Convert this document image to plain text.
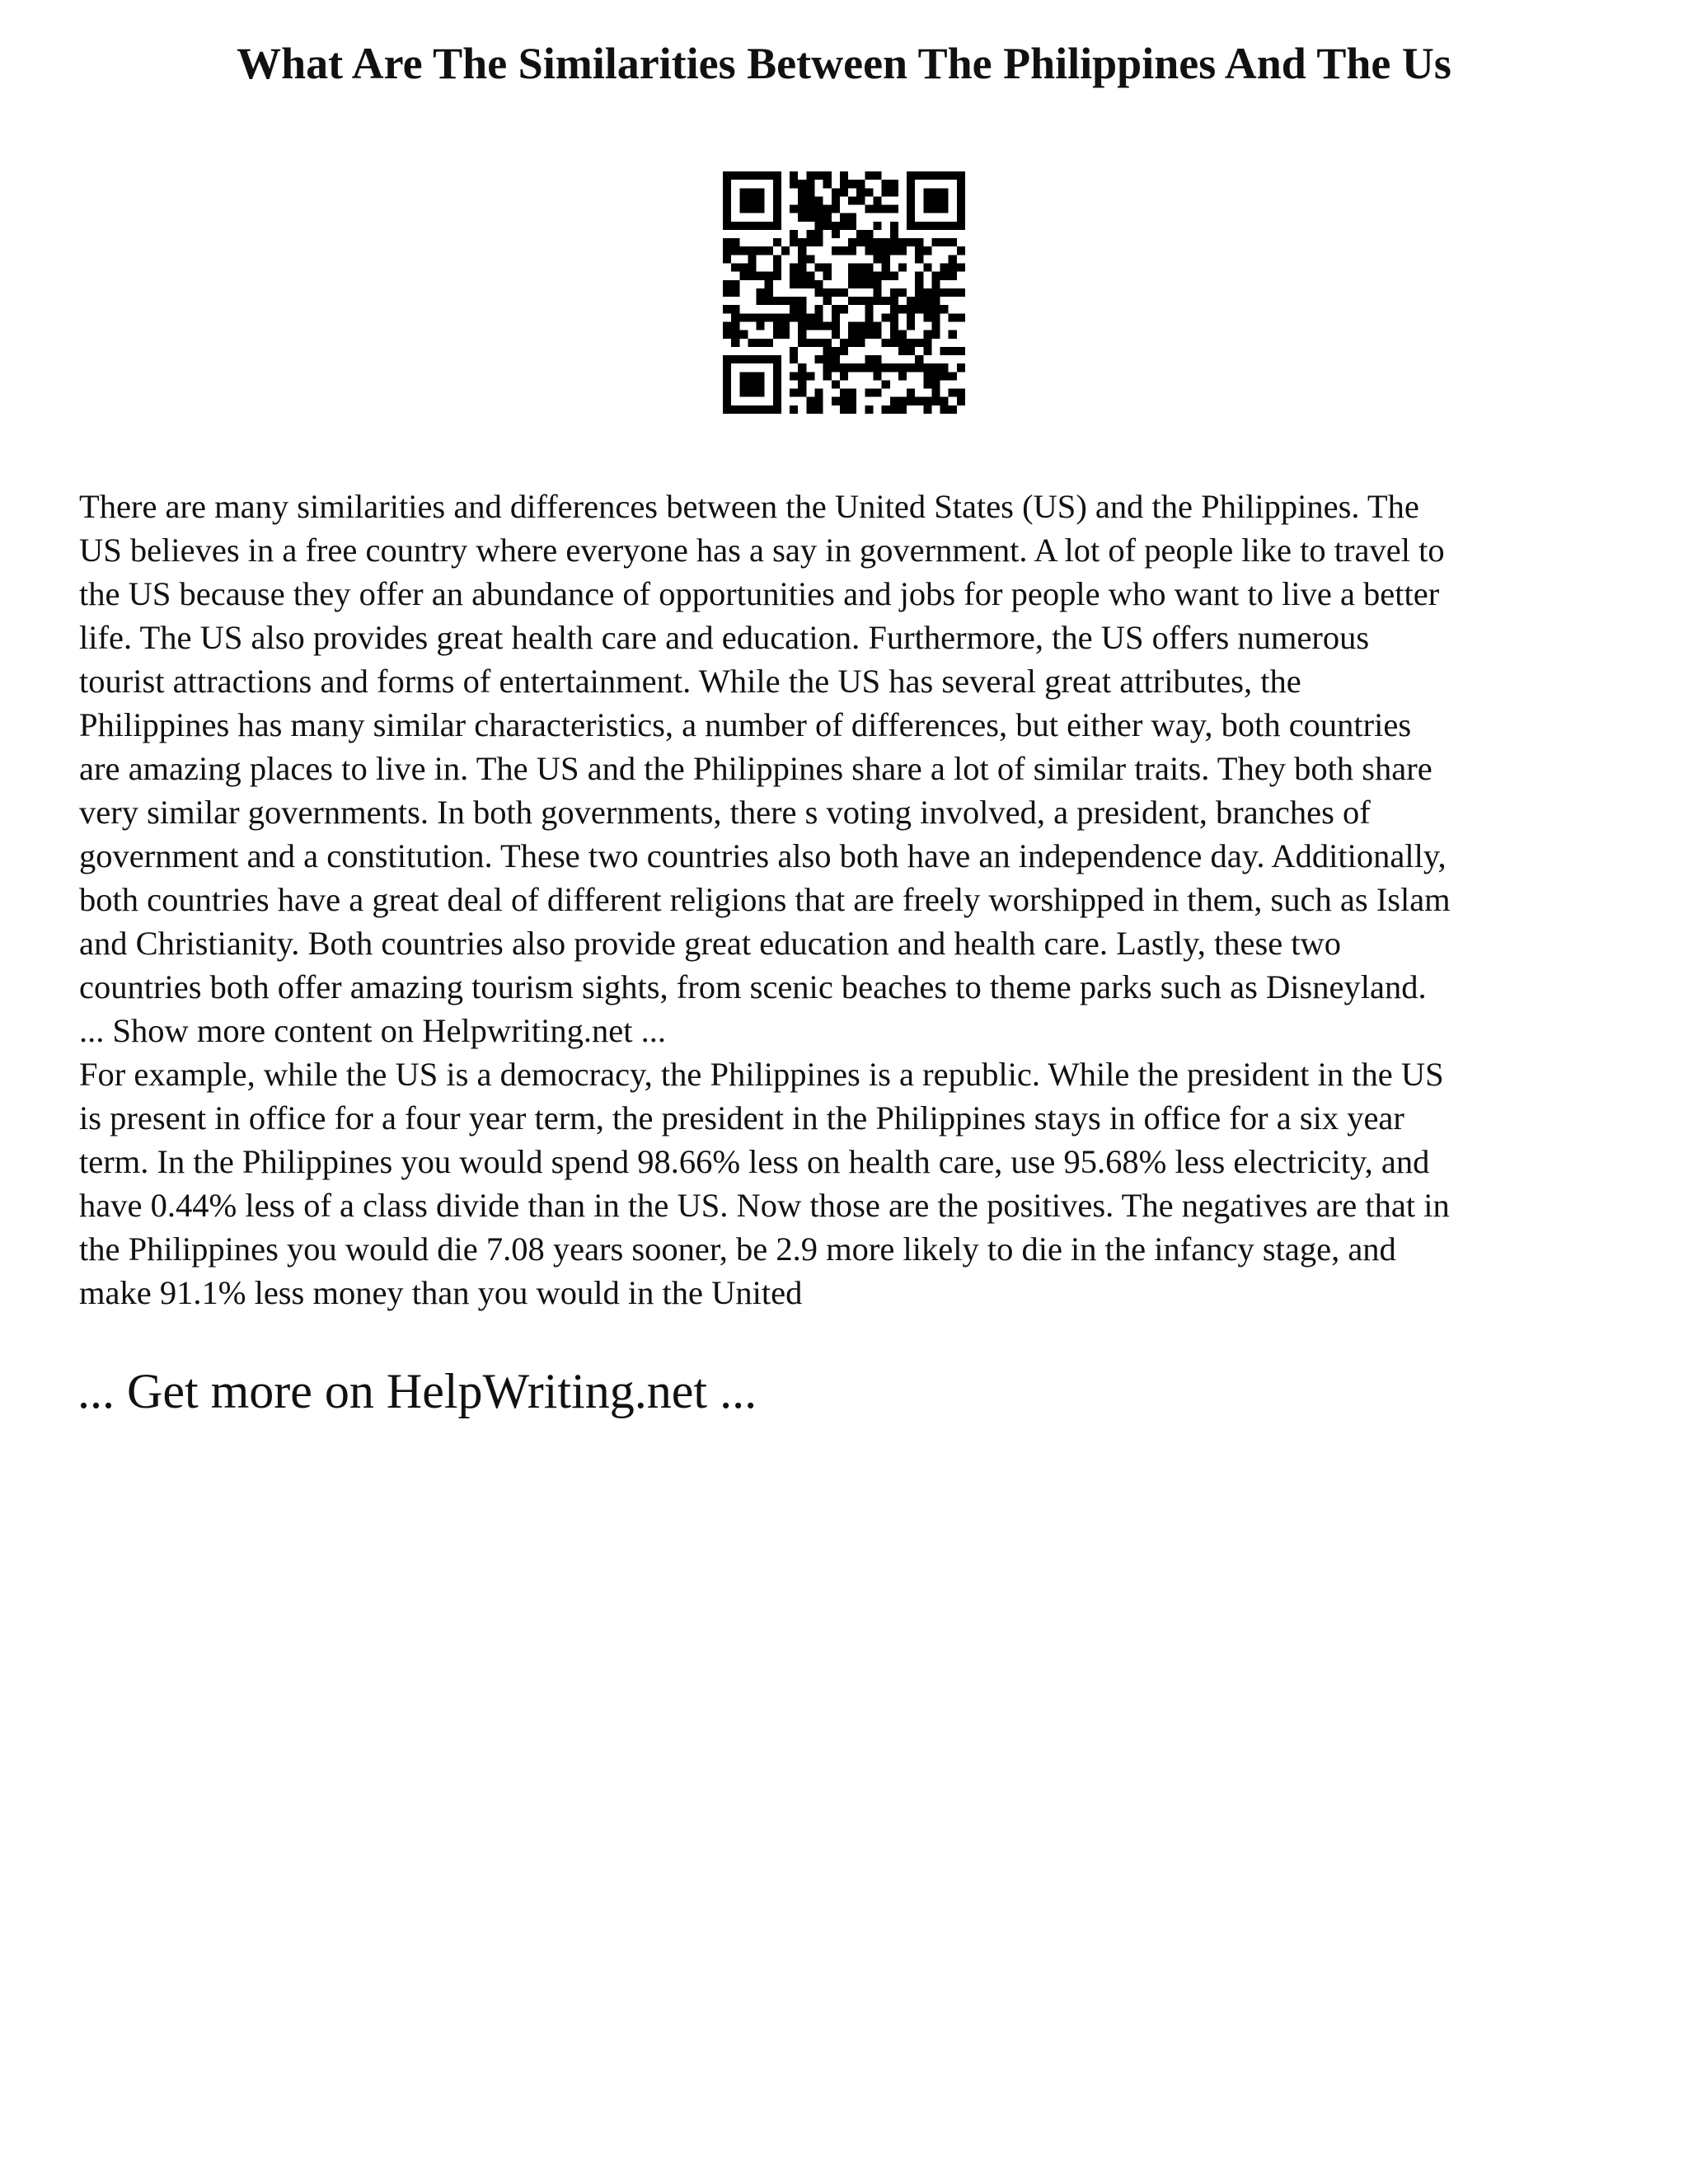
What Are The Similarities Between The Philippines And The Us
There are many similarities and differences between the United States (US) and the Philippines. The
US believes in a free country where everyone has a say in government. A lot of people like to travel to
the US because they offer an abundance of opportunities and jobs for people who want to live a better
life. The US also provides great health care and education. Furthermore, the US offers numerous
tourist attractions and forms of entertainment. While the US has several great attributes, the
Philippines has many similar characteristics, a number of differences, but either way, both countries
are amazing places to live in. The US and the Philippines share a lot of similar traits. They both share
very similar governments. In both governments, there s voting involved, a president, branches of
government and a constitution. These two countries also both have an independence day. Additionally,
both countries have a great deal of different religions that are freely worshipped in them, such as Islam
and Christianity. Both countries also provide great education and health care. Lastly, these two
countries both offer amazing tourism sights, from scenic beaches to theme parks such as Disneyland.
... Show more content on Helpwriting.net ...
For example, while the US is a democracy, the Philippines is a republic. While the president in the US
is present in office for a four year term, the president in the Philippines stays in office for a six year
term. In the Philippines you would spend 98.66% less on health care, use 95.68% less electricity, and
have 0.44% less of a class divide than in the US. Now those are the positives. The negatives are that in
the Philippines you would die 7.08 years sooner, be 2.9 more likely to die in the infancy stage, and
make 91.1% less money than you would in the United
... Get more on HelpWriting.net ...
